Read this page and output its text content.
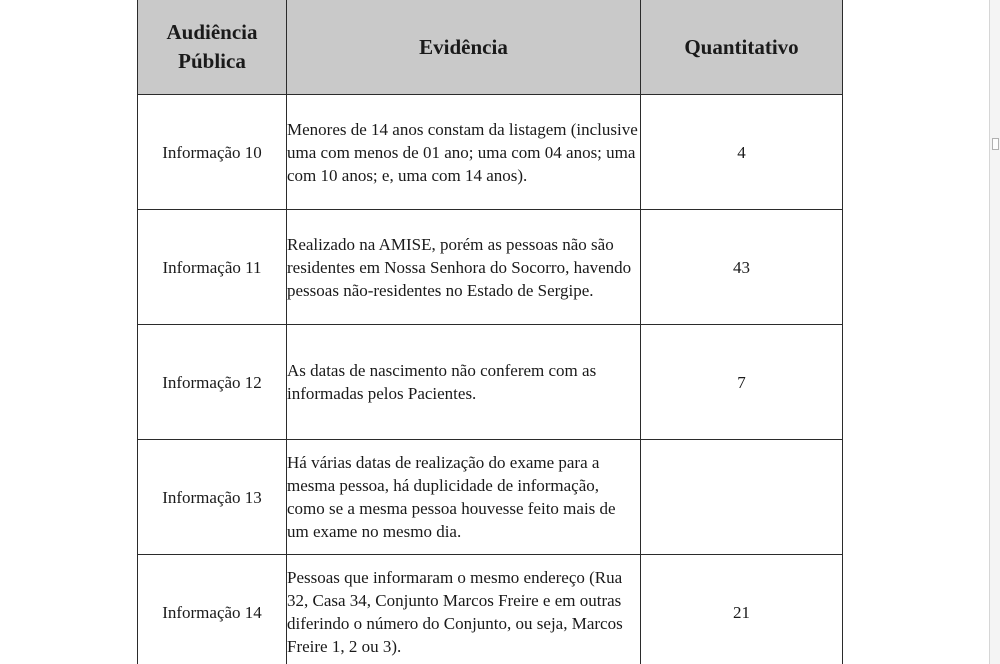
Audiência Pública	Evidência	Quantitativo
Informação 10	Menores de 14 anos constam da listagem (inclusive uma com menos de 01 ano; uma com 04 anos; uma com 10 anos; e, uma com 14 anos).	4
Informação 11	Realizado na AMISE, porém as pessoas não são residentes em Nossa Senhora do Socorro, havendo pessoas não-residentes no Estado de Sergipe.	43
Informação 12	As datas de nascimento não conferem com as informadas pelos Pacientes.	7
Informação 13	Há várias datas de realização do exame para a mesma pessoa, há duplicidade de informação, como se a mesma pessoa houvesse feito mais de um exame no mesmo dia.	
Informação 14	Pessoas que informaram o mesmo endereço (Rua 32, Casa 34, Conjunto Marcos Freire e em outras diferindo o número do Conjunto, ou seja, Marcos Freire 1, 2 ou 3).	21
